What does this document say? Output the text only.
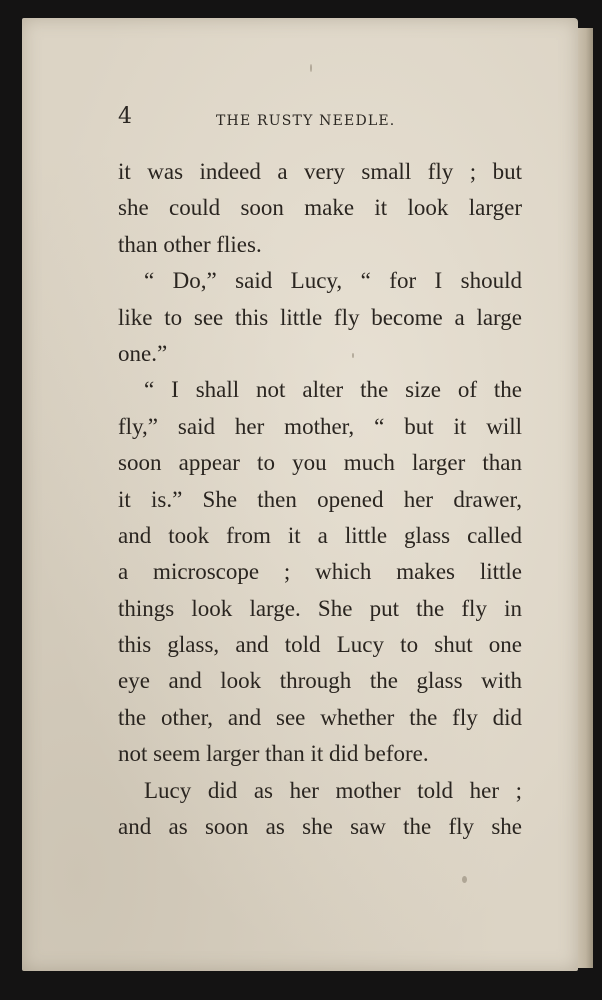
4	THE RUSTY NEEDLE.
it was indeed a very small fly ; but
she could soon make it look larger
than other flies.
“ Do,” said Lucy, “ for I should
like to see this little fly become a large
one.”
“ I shall not alter the size of the
fly,” said her mother, “ but it will
soon appear to you much larger than
it is.” She then opened her drawer,
and took from it a little glass called
a microscope ; which makes little
things look large. She put the fly in
this glass, and told Lucy to shut one
eye and look through the glass with
the other, and see whether the fly did
not seem larger than it did before.
Lucy did as her mother told her ;
and as soon as she saw the fly she
